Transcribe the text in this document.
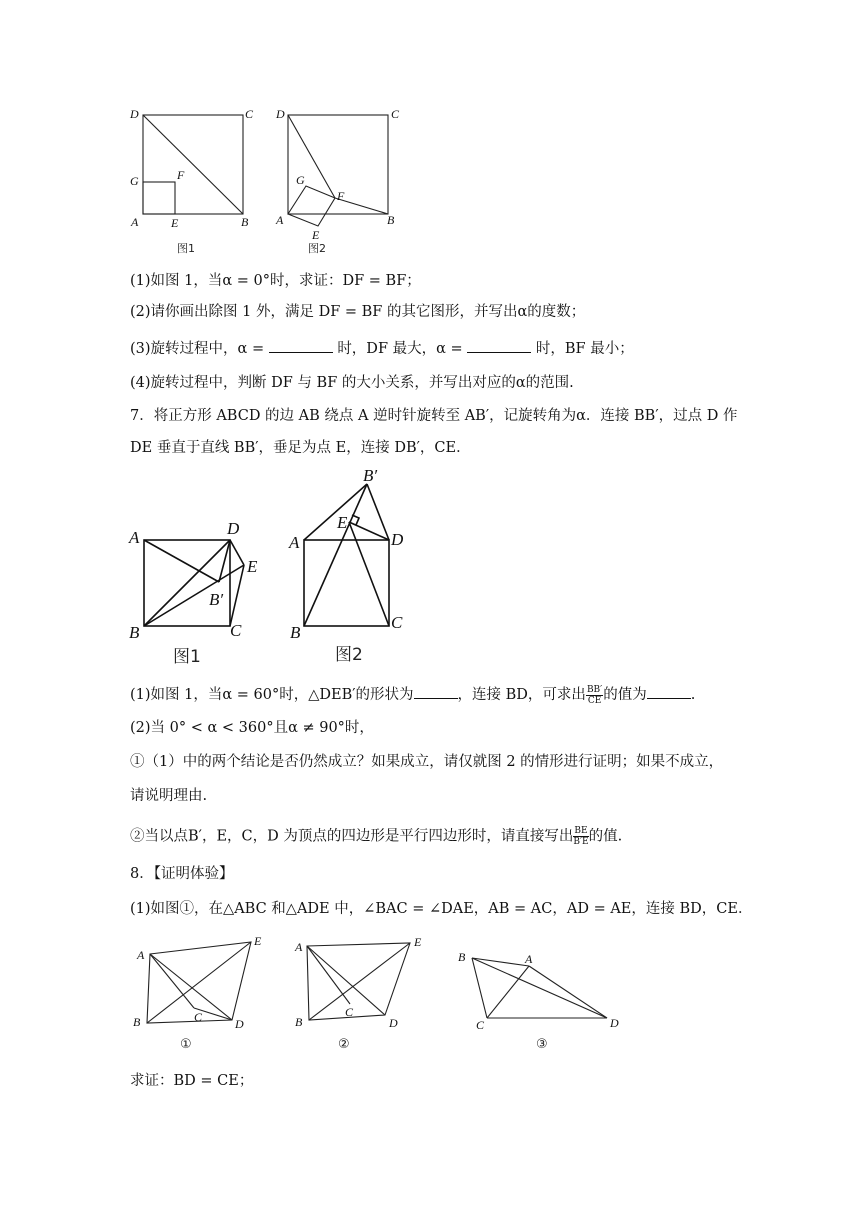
D	C
G	F
A	E	B
图1
D	C
G
F
A
E
B
图2
(1)如图 1，当α = 0°时，求证：DF = BF；
(2)请你画出除图 1 外，满足 DF = BF 的其它图形，并写出α的度数；
(3)旋转过程中，α =	时，DF 最大，α =	时，BF 最小；
(4)旋转过程中，判断 DF 与 BF 的大小关系，并写出对应的α的范围.
7．将正方形 ABCD 的边 AB 绕点 A 逆时针旋转至 AB′，记旋转角为α．连接 BB′，过点 D 作
DE 垂直于直线 BB′，垂足为点 E，连接 DB′，CE．
A	D
E
B′
B	C
图1
B′
E
A	D
B
C
图2
(1)如图 1，当α = 60°时，△DEB′的形状为	，连接 BD，可求出 $\frac{BB'}{CE}$ 的值为	.
(2)当 0° < α < 360°且α ≠ 90°时，
①（1）中的两个结论是否仍然成立？如果成立，请仅就图 2 的情形进行证明；如果不成立，
请说明理由.
②当以点B′，E，C，D 为顶点的四边形是平行四边形时，请直接写出 $\frac{BE}{B'E}$ 的值.
8．【证明体验】
(1)如图①，在△ABC 和△ADE 中，∠BAC = ∠DAE，AB = AC，AD = AE，连接 BD，CE．
A
E
B	C	D
①
A	E
B
C
D
②
B	A
C	D
③
求证：BD = CE；
